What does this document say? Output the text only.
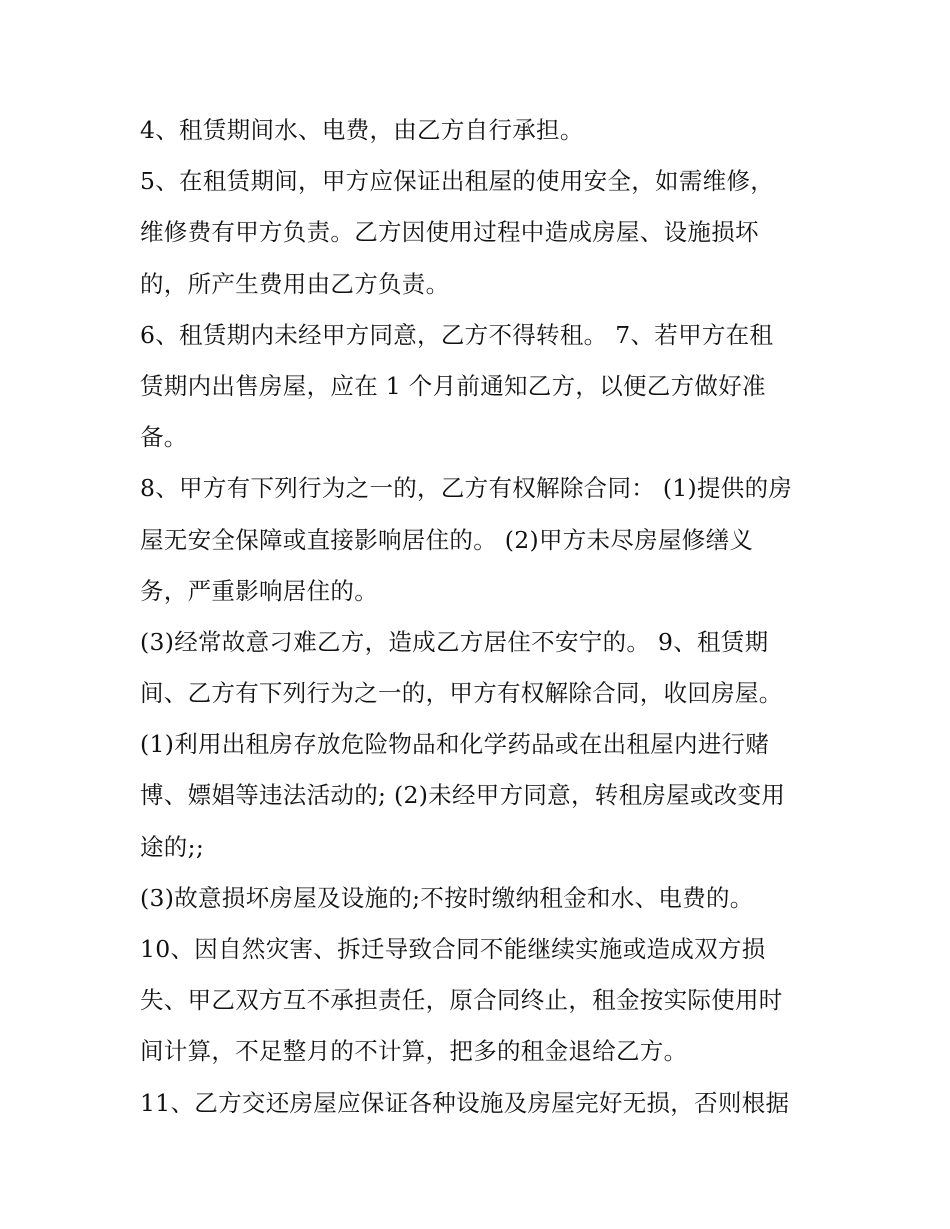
4、租赁期间水、电费，由乙方自行承担。
5、在租赁期间，甲方应保证出租屋的使用安全，如需维修，
维修费有甲方负责。乙方因使用过程中造成房屋、设施损坏
的，所产生费用由乙方负责。
6、租赁期内未经甲方同意，乙方不得转租。 7、若甲方在租
赁期内出售房屋，应在 1 个月前通知乙方，以便乙方做好准
备。
8、甲方有下列行为之一的，乙方有权解除合同： (1)提供的房
屋无安全保障或直接影响居住的。 (2)甲方未尽房屋修缮义
务，严重影响居住的。
(3)经常故意刁难乙方，造成乙方居住不安宁的。 9、租赁期
间、乙方有下列行为之一的，甲方有权解除合同，收回房屋。
(1)利用出租房存放危险物品和化学药品或在出租屋内进行赌
博、嫖娼等违法活动的; (2)未经甲方同意，转租房屋或改变用
途的;;
(3)故意损坏房屋及设施的;不按时缴纳租金和水、电费的。
10、因自然灾害、拆迁导致合同不能继续实施或造成双方损
失、甲乙双方互不承担责任，原合同终止，租金按实际使用时
间计算，不足整月的不计算，把多的租金退给乙方。
11、乙方交还房屋应保证各种设施及房屋完好无损，否则根据
